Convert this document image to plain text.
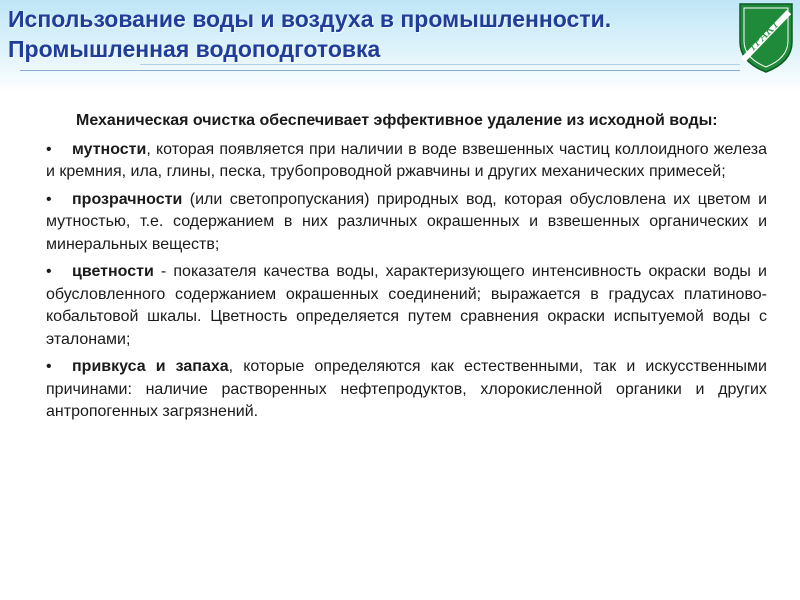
Использование воды и воздуха в промышленности.
Промышленная водоподготовка	ТРАКТ

Механическая очистка обеспечивает эффективное удаление из исходной воды:

• мутности, которая появляется при наличии в воде взвешенных частиц коллоидного железа и кремния, ила, глины, песка, трубопроводной ржавчины и других механических примесей;

• прозрачности (или светопропускания) природных вод, которая обусловлена их цветом и мутностью, т.е. содержанием в них различных окрашенных и взвешенных органических и минеральных веществ;

• цветности - показателя качества воды, характеризующего интенсивность окраски воды и обусловленного содержанием окрашенных соединений; выражается в градусах платиново-кобальтовой шкалы. Цветность определяется путем сравнения окраски испытуемой воды с эталонами;

• привкуса и запаха, которые определяются как естественными, так и искусственными причинами: наличие растворенных нефтепродуктов, хлорокисленной органики и других антропогенных загрязнений.
